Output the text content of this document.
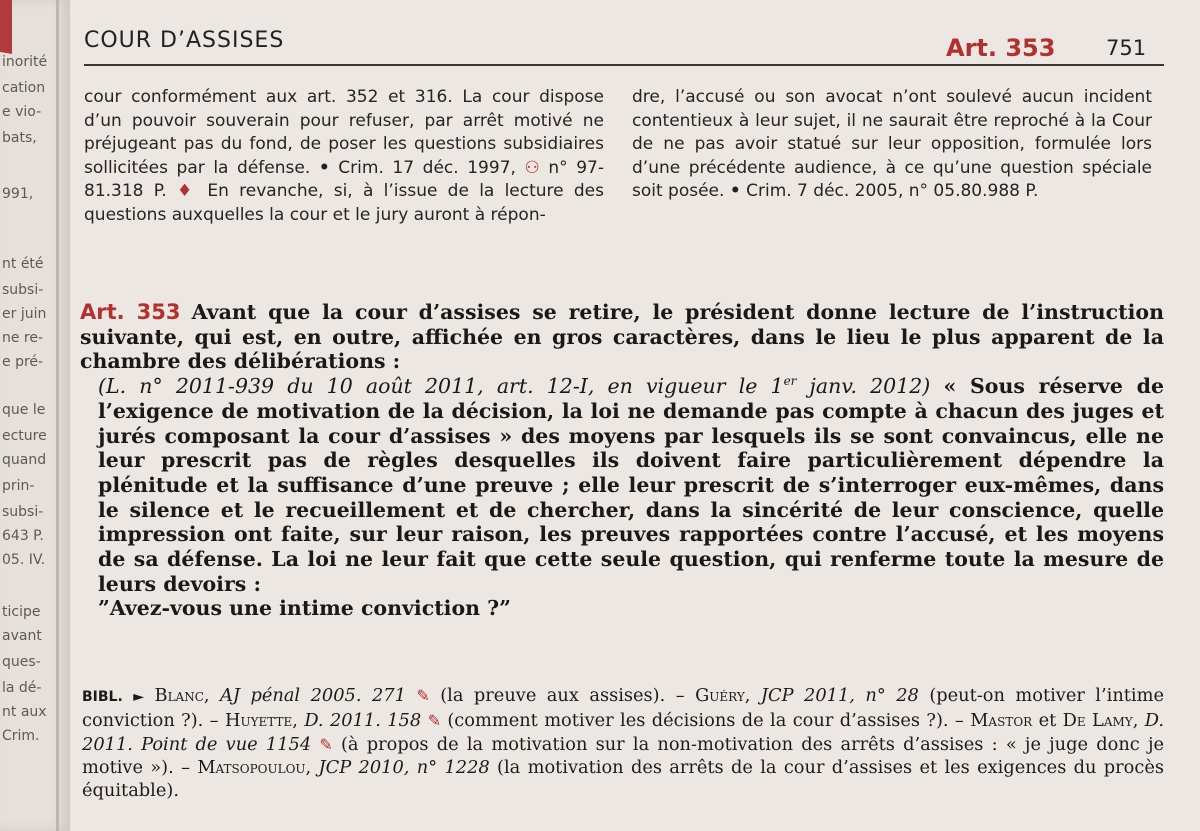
inorité
cation
e vio-
bats,
991,
nt été
subsi-
er juin
ne re-
e pré-
que le
ecture
quand
prin-
subsi-
643 P.
05. IV.
ticipe
avant
ques-
la dé-
nt aux
Crim.
COUR D’ASSISES	Art. 353 751

cour conformément aux art. 352 et 316. La cour dispose d’un pouvoir souverain pour refuser, par arrêt motivé ne préjugeant pas du fond, de poser les questions subsidiaires sollicitées par la défense. • Crim. 17 déc. 1997, ⚇ n° 97-81.318 P. ♦ En revanche, si, à l’issue de la lecture des questions auxquelles la cour et le jury auront à répon-

dre, l’accusé ou son avocat n’ont soulevé aucun incident contentieux à leur sujet, il ne saurait être reproché à la Cour de ne pas avoir statué sur leur opposition, formulée lors d’une précédente audience, à ce qu’une question spéciale soit posée. • Crim. 7 déc. 2005, n° 05.80.988 P.

Art. 353 Avant que la cour d’assises se retire, le président donne lecture de l’instruction suivante, qui est, en outre, affichée en gros caractères, dans le lieu le plus apparent de la chambre des délibérations :

(L. n° 2011-939 du 10 août 2011, art. 12-I, en vigueur le 1er janv. 2012) « Sous réserve de l’exigence de motivation de la décision, la loi ne demande pas compte à chacun des juges et jurés composant la cour d’assises » des moyens par lesquels ils se sont convaincus, elle ne leur prescrit pas de règles desquelles ils doivent faire particulièrement dépendre la plénitude et la suffisance d’une preuve ; elle leur prescrit de s’interroger eux-mêmes, dans le silence et le recueillement et de chercher, dans la sincérité de leur conscience, quelle impression ont faite, sur leur raison, les preuves rapportées contre l’accusé, et les moyens de sa défense. La loi ne leur fait que cette seule question, qui renferme toute la mesure de leurs devoirs :

”Avez-vous une intime conviction ?”

BIBL. ► Blanc, AJ pénal 2005. 271 ✎ (la preuve aux assises). – Guéry, JCP 2011, n° 28 (peut-on motiver l’intime conviction ?). – Huyette, D. 2011. 158 ✎ (comment motiver les décisions de la cour d’assises ?). – Mastor et De Lamy, D. 2011. Point de vue 1154 ✎ (à propos de la motivation sur la non-motivation des arrêts d’assises : « je juge donc je motive »). – Matsopoulou, JCP 2010, n° 1228 (la motivation des arrêts de la cour d’assises et les exigences du procès équitable).
